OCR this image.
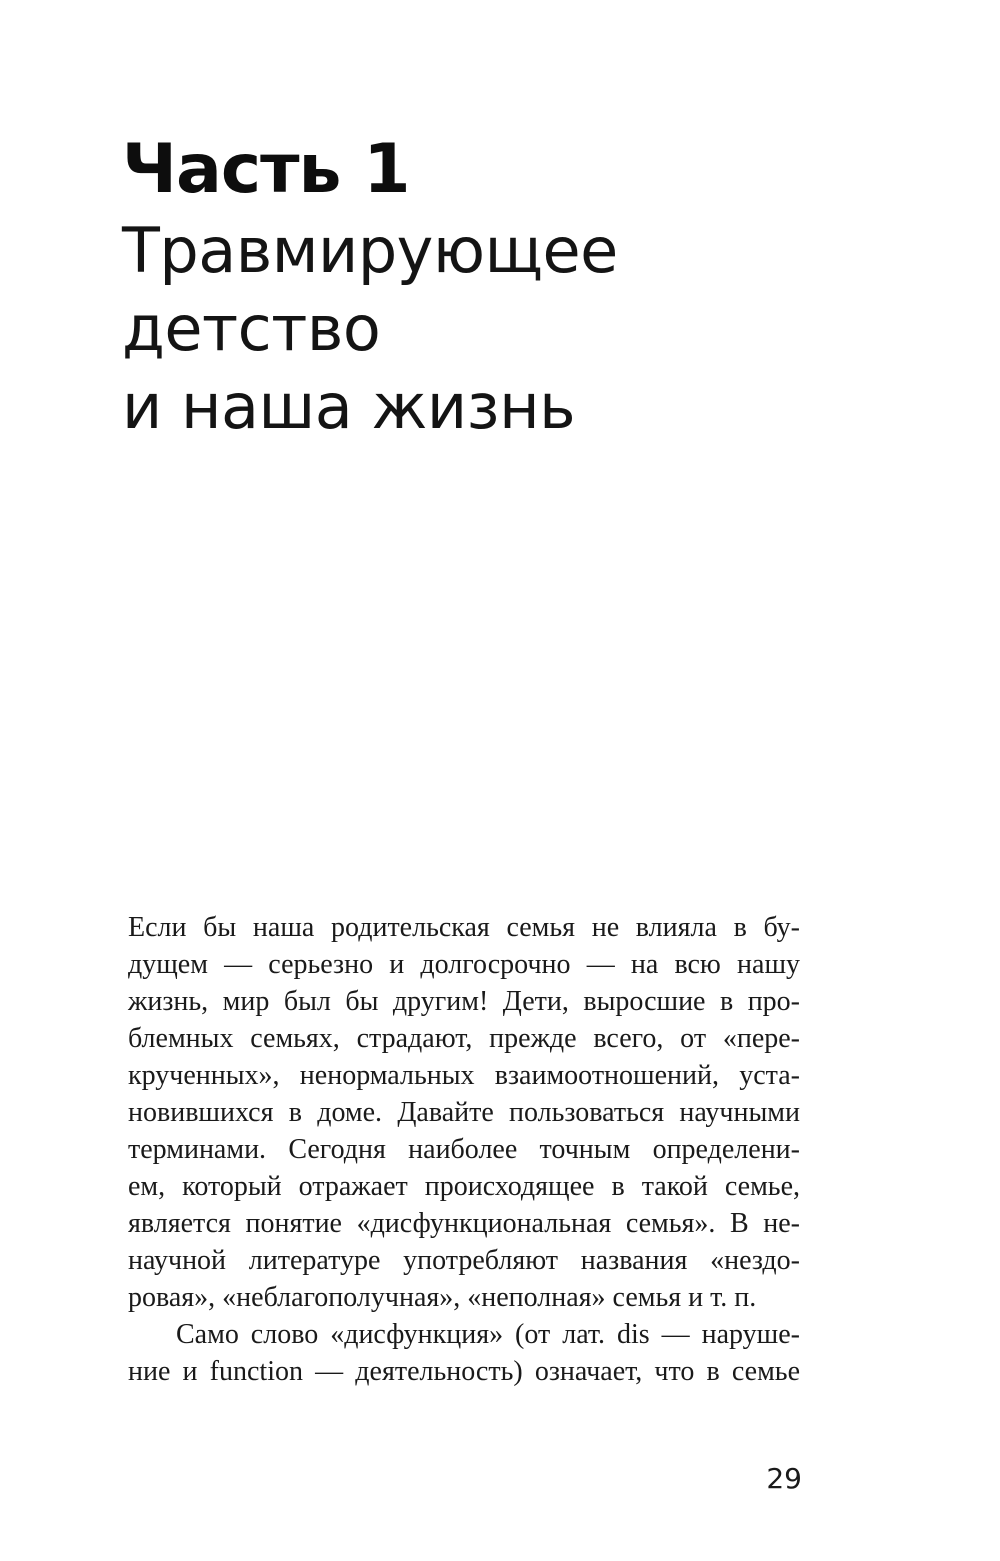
Часть 1
Травмирующее
детство
и наша жизнь
Если бы наша родительская семья не влияла в бу-
дущем — серьезно и долгосрочно — на всю нашу
жизнь, мир был бы другим! Дети, выросшие в про-
блемных семьях, страдают, прежде всего, от «пере-
крученных», ненормальных взаимоотношений, уста-
новившихся в доме. Давайте пользоваться научными
терминами. Сегодня наиболее точным определени-
ем, который отражает происходящее в такой семье,
является понятие «дисфункциональная семья». В не-
научной литературе употребляют названия «нездо-
ровая», «неблагополучная», «неполная» семья и т. п.
Само слово «дисфункция» (от лат. dis — наруше-
ние и function — деятельность) означает, что в семье
29
